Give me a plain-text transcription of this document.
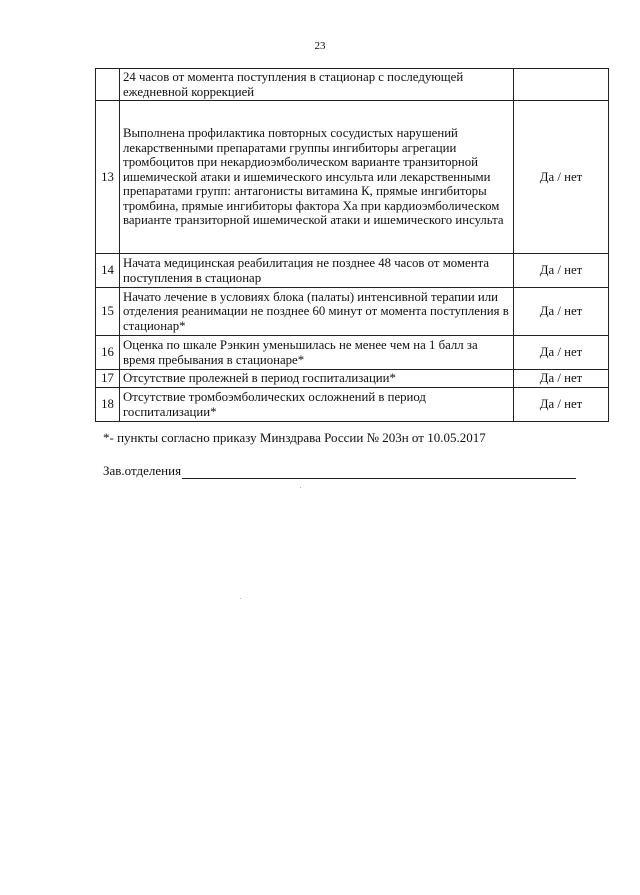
23
	24 часов от момента поступления в стационар с последующей ежедневной коррекцией	
13	Выполнена профилактика повторных сосудистых нарушений лекарственными препаратами группы ингибиторы агрегации тромбоцитов при некардиоэмболическом варианте транзиторной ишемической атаки и ишемического инсульта или лекарственными препаратами групп: антагонисты витамина К, прямые ингибиторы тромбина, прямые ингибиторы фактора Ха при кардиоэмболическом варианте транзиторной ишемической атаки и ишемического инсульта	Да / нет
14	Начата медицинская реабилитация не позднее 48 часов от момента поступления в стационар	Да / нет
15	Начато лечение в условиях блока (палаты) интенсивной терапии или отделения реанимации не позднее 60 минут от момента поступления в стационар*	Да / нет
16	Оценка по шкале Рэнкин уменьшилась не менее чем на 1 балл за время пребывания в стационаре*	Да / нет
17	Отсутствие пролежней в период госпитализации*	Да / нет
18	Отсутствие тромбоэмболических осложнений в период госпитализации*	Да / нет
*- пункты согласно приказу Минздрава России № 203н от 10.05.2017
Зав.отделения
